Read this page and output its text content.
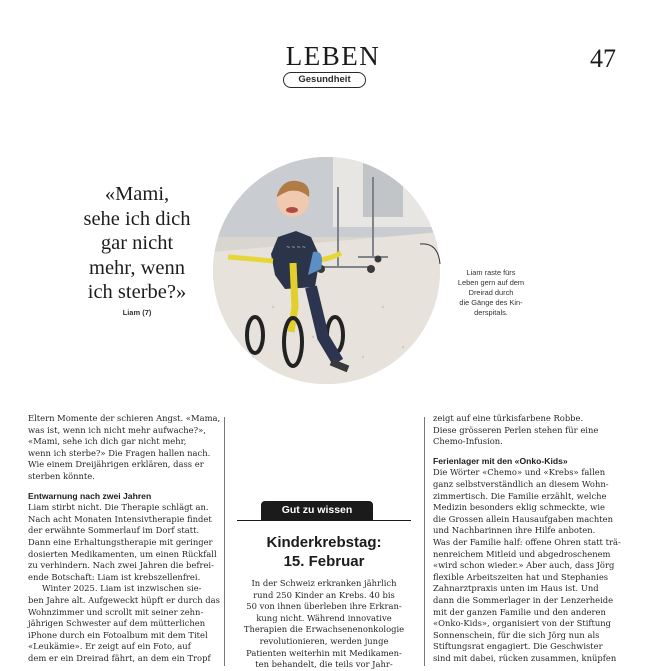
LEBEN
Gesundheit
47
«Mami,
sehe ich dich
gar nicht
mehr, wenn
ich sterbe?»
Liam (7)
~ ~ ~ ~
Liam raste fürs
Leben gern auf dem
Dreirad durch
die Gänge des Kin-
derspitals.

Eltern Momente der schieren Angst. «Mama,

was ist, wenn ich nicht mehr aufwache?»,

«Mami, sehe ich dich gar nicht mehr,

wenn ich sterbe?» Die Fragen hallen nach.

Wie einem Dreijährigen erklären, dass er

sterben könnte.

Entwarnung nach zwei Jahren

Liam stirbt nicht. Die Therapie schlägt an.

Nach acht Monaten Intensivtherapie findet

der erwähnte Sommerlauf im Dorf statt.

Dann eine Erhaltungstherapie mit geringer

dosierten Medikamenten, um einen Rückfall

zu verhindern. Nach zwei Jahren die befrei-

ende Botschaft: Liam ist krebszellenfrei.

Winter 2025. Liam ist inzwischen sie-

ben Jahre alt. Aufgeweckt hüpft er durch das

Wohnzimmer und scrollt mit seiner zehn-

jährigen Schwester auf dem mütterlichen

iPhone durch ein Fotoalbum mit dem Titel

«Leukämie». Er zeigt auf ein Foto, auf

dem er ein Dreirad fährt, an dem ein Tropf

Gut zu wissen
Kinderkrebstag:
15. Februar
In der Schweiz erkranken jährlich
rund 250 Kinder an Krebs. 40 bis
50 von ihnen überleben ihre Erkran-
kung nicht. Während innovative
Therapien die Erwachsenenonkologie
revolutionieren, werden junge
Patienten weiterhin mit Medikamen-
ten behandelt, die teils vor Jahr-

zeigt auf eine türkisfarbene Robbe.

Diese grösseren Perlen stehen für eine

Chemo-Infusion.

Ferienlager mit den «Onko-Kids»

Die Wörter «Chemo» und «Krebs» fallen

ganz selbstverständlich an diesem Wohn-

zimmertisch. Die Familie erzählt, welche

Medizin besonders eklig schmeckte, wie

die Grossen allein Hausaufgaben machten

und Nachbarinnen ihre Hilfe anboten.

Was der Familie half: offene Ohren statt trä-

nenreichem Mitleid und abgedroschenem

«wird schon wieder.» Aber auch, dass Jörg

flexible Arbeitszeiten hat und Stephanies

Zahnarztpraxis unten im Haus ist. Und

dann die Sommerlager in der Lenzerheide

mit der ganzen Familie und den anderen

«Onko-Kids», organisiert von der Stiftung

Sonnenschein, für die sich Jörg nun als

Stiftungsrat engagiert. Die Geschwister

sind mit dabei, rücken zusammen, knüpfen
